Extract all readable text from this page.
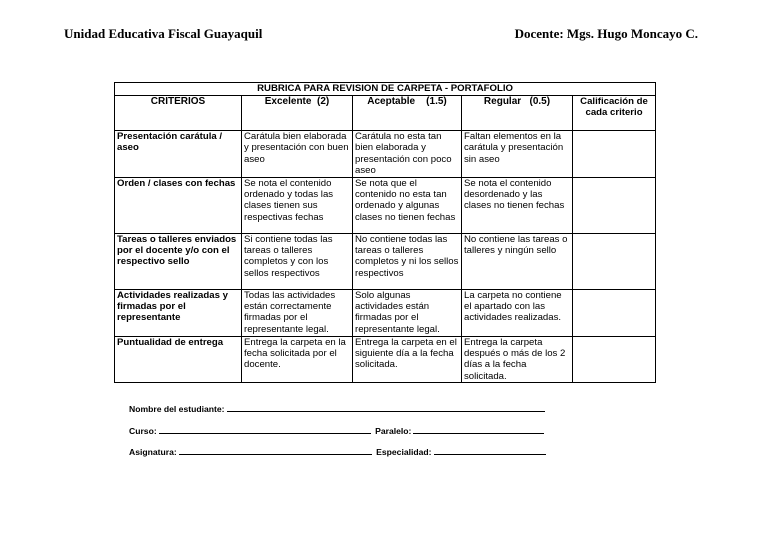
Unidad Educativa Fiscal Guayaquil	Docente: Mgs. Hugo Moncayo C.
RUBRICA PARA REVISION DE CARPETA - PORTAFOLIO				
CRITERIOS	Excelente  (2)	Aceptable    (1.5)	Regular   (0.5)	Calificación de cada criterio
Presentación carátula / aseo	Carátula bien elaborada y presentación con buen aseo	Carátula no esta tan bien elaborada y presentación con poco aseo	Faltan elementos en la carátula y presentación sin aseo	
Orden / clases con fechas	Se nota el contenido ordenado y todas las clases tienen sus respectivas fechas	Se nota que el contenido no esta tan ordenado y algunas clases no tienen fechas	Se nota el contenido desordenado y las clases no tienen fechas	
Tareas o talleres enviados por el docente y/o con el respectivo sello	Si contiene todas las tareas o talleres completos y con los sellos respectivos	No contiene todas las tareas o talleres completos y ni los sellos respectivos	No contiene las tareas o talleres y ningún sello	
Actividades realizadas y firmadas por el representante	Todas las actividades están correctamente firmadas por el representante legal.	Solo algunas actividades están firmadas por el representante legal.	La carpeta no contiene el apartado con las actividades realizadas.	
Puntualidad de entrega	Entrega la carpeta en la fecha solicitada por el docente.	Entrega la carpeta en el siguiente día a la fecha solicitada.	Entrega la carpeta después o más de los 2 días a la fecha solicitada.	
Nombre del estudiante:
Curso:	Paralelo:
Asignatura:	Especialidad:
